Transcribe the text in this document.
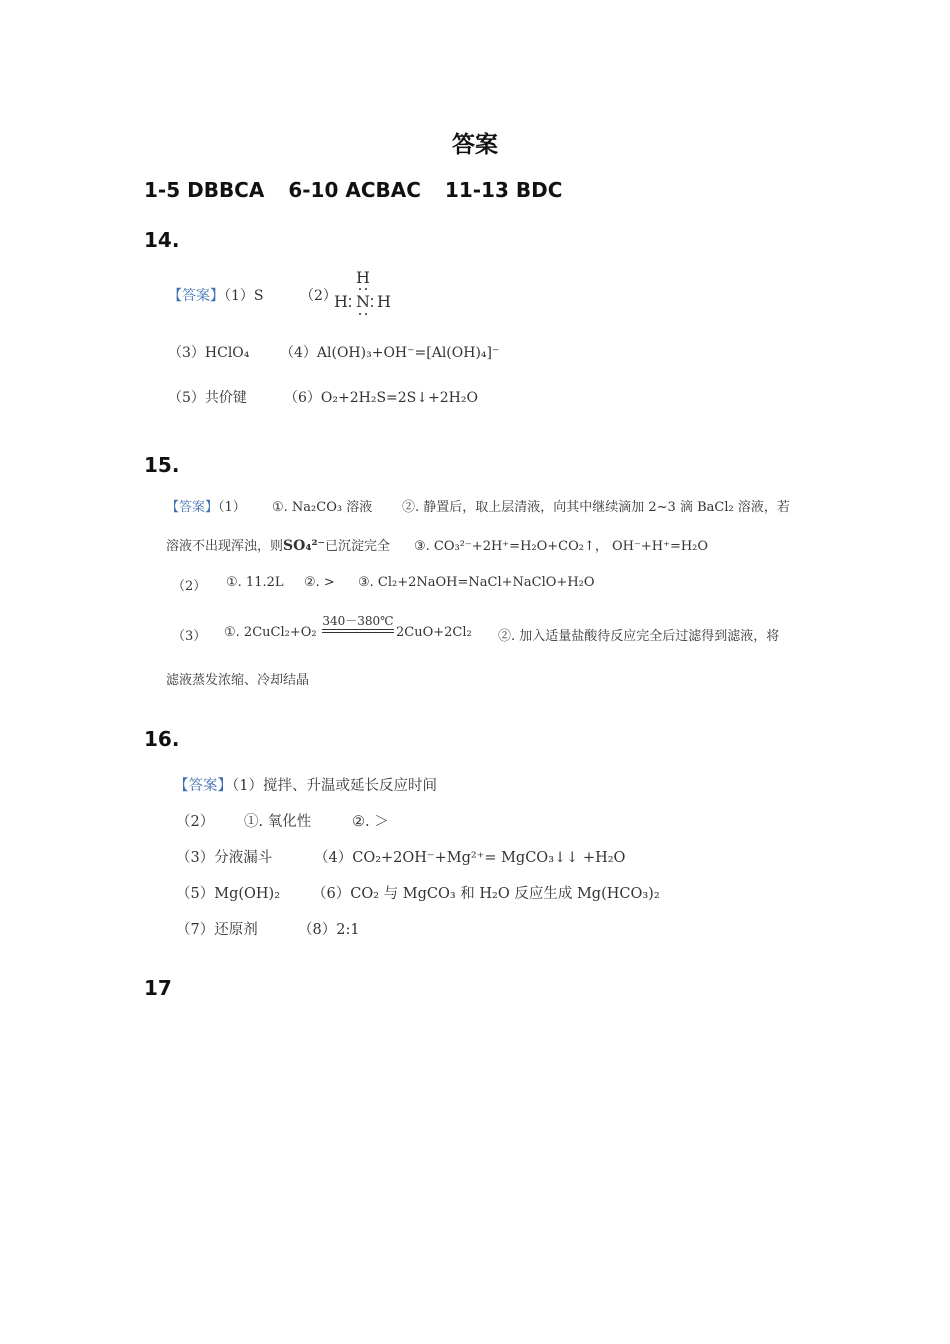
答案
1-5 DBBCA 6-10 ACBAC 11-13 BDC
14.
【答案】（1）S	（2）
H
H N H
（3）HClO₄ （4）Al(OH)₃+OH⁻=[Al(OH)₄]⁻
（5）共价键	（6）O₂+2H₂S=2S↓+2H₂O
15.
【答案】（1） ①. Na₂CO₃ 溶液 ②. 静置后，取上层清液，向其中继续滴加 2~3 滴 BaCl₂ 溶液，若
溶液不出现浑浊，则SO₄²⁻已沉淀完全 ③. CO₃²⁻+2H⁺=H₂O+CO₂↑， OH⁻+H⁺=H₂O
（2） ①. 11.2L ②. > ③. Cl₂+2NaOH=NaCl+NaClO+H₂O
（3） ①. 2CuCl₂+O₂
340－380℃
2CuO+2Cl₂ ②. 加入适量盐酸待反应完全后过滤得到滤液，将
滤液蒸发浓缩、冷却结晶
16.
【答案】（1）搅拌、升温或延长反应时间
（2） ①. 氧化性	②. ＞
（3）分液漏斗	（4）CO₂+2OH⁻+Mg²⁺= MgCO₃↓↓ +H₂O
（5）Mg(OH)₂ （6）CO₂ 与 MgCO₃ 和 H₂O 反应生成 Mg(HCO₃)₂
（7）还原剂	（8）2:1
17
